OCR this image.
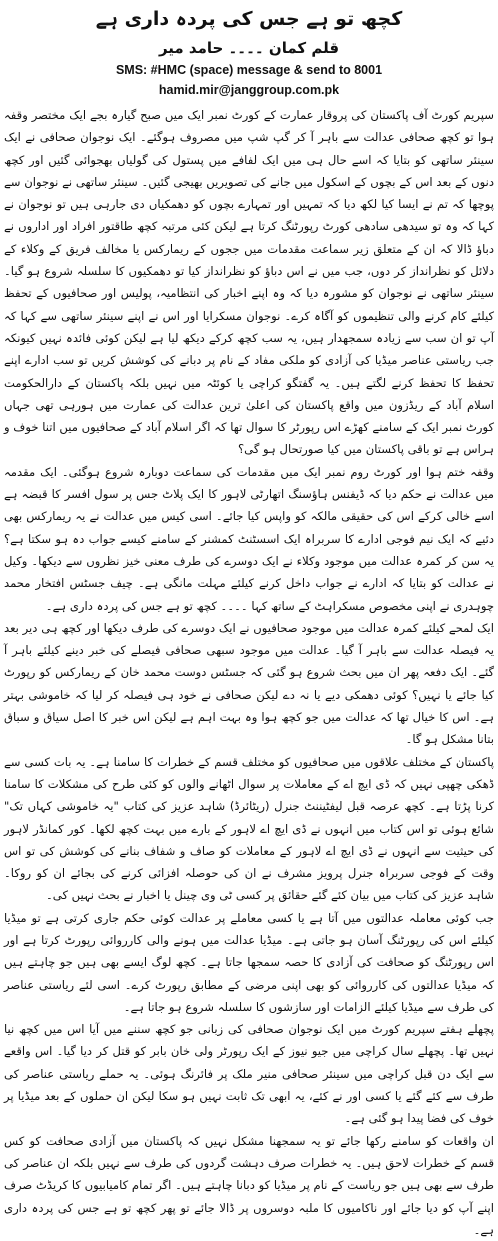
کچھ تو ہے جس کی پردہ داری ہے
قلم کمان ۔۔۔۔ حامد میر
SMS: #HMC (space) message & send to 8001
hamid.mir@janggroup.com.pk

سپریم کورٹ آف پاکستان کی پروقار عمارت کے کورٹ نمبر ایک میں صبح گیارہ بجے ایک مختصر وقفہ ہوا تو کچھ صحافی عدالت سے باہر آ کر گپ شپ میں مصروف ہوگئے۔ ایک نوجوان صحافی نے ایک سینئر ساتھی کو بتایا کہ اسے حال ہی میں ایک لفافے میں پستول کی گولیاں بھجوائی گئیں اور کچھ دنوں کے بعد اس کے بچوں کے اسکول میں جانے کی تصویریں بھیجی گئیں۔ سینئر ساتھی نے نوجوان سے پوچھا کہ تم نے ایسا کیا لکھ دیا کہ تمہیں اور تمہارے بچوں کو دھمکیاں دی جارہی ہیں تو نوجوان نے کہا کہ وہ تو سیدھی سادھی کورٹ رپورٹنگ کرتا ہے لیکن کئی مرتبہ کچھ طاقتور افراد اور اداروں نے دباؤ ڈالا کہ ان کے متعلق زیر سماعت مقدمات میں ججوں کے ریمارکس یا مخالف فریق کے وکلاء کے دلائل کو نظرانداز کر دوں، جب میں نے اس دباؤ کو نظرانداز کیا تو دھمکیوں کا سلسلہ شروع ہو گیا۔ سینئر ساتھی نے نوجوان کو مشورہ دیا کہ وہ اپنے اخبار کی انتظامیہ، پولیس اور صحافیوں کے تحفظ کیلئے کام کرنے والی تنظیموں کو آگاہ کرے۔ نوجوان مسکرایا اور اس نے اپنے سینئر ساتھی سے کہا کہ آپ تو ان سب سے زیادہ سمجھدار ہیں، یہ سب کچھ کرکے دیکھ لیا ہے لیکن کوئی فائدہ نہیں کیونکہ جب ریاستی عناصر میڈیا کی آزادی کو ملکی مفاد کے نام پر دبانے کی کوشش کریں تو سب ادارے اپنے تحفظ کا تحفظ کرنے لگتے ہیں۔ یہ گفتگو کراچی یا کوئٹہ میں نہیں بلکہ پاکستان کے دارالحکومت اسلام آباد کے ریڈزون میں واقع پاکستان کی اعلیٰ ترین عدالت کی عمارت میں ہورہی تھی جہاں کورٹ نمبر ایک کے سامنے کھڑے اس رپورٹر کا سوال تھا کہ اگر اسلام آباد کے صحافیوں میں اتنا خوف و ہراس ہے تو باقی پاکستان میں کیا صورتحال ہو گی؟

وقفہ ختم ہوا اور کورٹ روم نمبر ایک میں مقدمات کی سماعت دوبارہ شروع ہوگئی۔ ایک مقدمہ میں عدالت نے حکم دیا کہ ڈیفنس ہاؤسنگ اتھارٹی لاہور کا ایک پلاٹ جس پر سول افسر کا قبضہ ہے اسے خالی کرکے اس کی حقیقی مالکہ کو واپس کیا جائے۔ اسی کیس میں عدالت نے یہ ریمارکس بھی دئیے کہ ایک نیم فوجی ادارے کا سربراہ ایک اسسٹنٹ کمشنر کے سامنے کیسے جواب دہ ہو سکتا ہے؟ یہ سن کر کمرہ عدالت میں موجود وکلاء نے ایک دوسرے کی طرف معنی خیز نظروں سے دیکھا۔ وکیل نے عدالت کو بتایا کہ ادارے نے جواب داخل کرنے کیلئے مہلت مانگی ہے۔ چیف جسٹس افتخار محمد چوہدری نے اپنی مخصوص مسکراہٹ کے ساتھ کہا ۔۔۔۔ کچھ تو ہے جس کی پردہ داری ہے۔

ایک لمحے کیلئے کمرہ عدالت میں موجود صحافیوں نے ایک دوسرے کی طرف دیکھا اور کچھ ہی دیر بعد یہ فیصلہ عدالت سے باہر آ گیا۔ عدالت میں موجود سبھی صحافی فیصلے کی خبر دینے کیلئے باہر آ گئے۔ ایک دفعہ پھر ان میں بحث شروع ہو گئی کہ جسٹس دوست محمد خان کے ریمارکس کو رپورٹ کیا جائے یا نہیں؟ کوئی دھمکی دیے یا نہ دے لیکن صحافی نے خود ہی فیصلہ کر لیا کہ خاموشی بہتر ہے۔ اس کا خیال تھا کہ عدالت میں جو کچھ ہوا وہ بہت اہم ہے لیکن اس خبر کا اصل سیاق و سباق بتانا مشکل ہو گا۔

پاکستان کے مختلف علاقوں میں صحافیوں کو مختلف قسم کے خطرات کا سامنا ہے۔ یہ بات کسی سے ڈھکی چھپی نہیں کہ ڈی ایچ اے کے معاملات پر سوال اٹھانے والوں کو کئی طرح کی مشکلات کا سامنا کرنا پڑتا ہے۔ کچھ عرصہ قبل لیفٹیننٹ جنرل (ریٹائرڈ) شاہد عزیز کی کتاب "یہ خاموشی کہاں تک" شائع ہوئی تو اس کتاب میں انہوں نے ڈی ایچ اے لاہور کے بارے میں بہت کچھ لکھا۔ کور کمانڈر لاہور کی حیثیت سے انہوں نے ڈی ایچ اے لاہور کے معاملات کو صاف و شفاف بنانے کی کوشش کی تو اس وقت کے فوجی سربراہ جنرل پرویز مشرف نے ان کی حوصلہ افزائی کرنے کی بجائے ان کو روکا۔ شاہد عزیز کی کتاب میں بیان کئے گئے حقائق پر کسی ٹی وی چینل یا اخبار نے بحث نہیں کی۔

جب کوئی معاملہ عدالتوں میں آتا ہے یا کسی معاملے پر عدالت کوئی حکم جاری کرتی ہے تو میڈیا کیلئے اس کی رپورٹنگ آسان ہو جاتی ہے۔ میڈیا عدالت میں ہونے والی کارروائی رپورٹ کرتا ہے اور اس رپورٹنگ کو صحافت کی آزادی کا حصہ سمجھا جاتا ہے۔ کچھ لوگ ایسے بھی ہیں جو چاہتے ہیں کہ میڈیا عدالتوں کی کارروائی کو بھی اپنی مرضی کے مطابق رپورٹ کرے۔ اسی لئے ریاستی عناصر کی طرف سے میڈیا کیلئے الزامات اور سازشوں کا سلسلہ شروع ہو جاتا ہے۔

پچھلے ہفتے سپریم کورٹ میں ایک نوجوان صحافی کی زبانی جو کچھ سننے میں آیا اس میں کچھ نیا نہیں تھا۔ پچھلے سال کراچی میں جیو نیوز کے ایک رپورٹر ولی خان بابر کو قتل کر دیا گیا۔ اس واقعے سے ایک دن قبل کراچی میں سینئر صحافی منیر ملک پر فائرنگ ہوئی۔ یہ حملے ریاستی عناصر کی طرف سے کئے گئے یا کسی اور نے کئے، یہ ابھی تک ثابت نہیں ہو سکا لیکن ان حملوں کے بعد میڈیا پر خوف کی فضا پیدا ہو گئی ہے۔

ان واقعات کو سامنے رکھا جائے تو یہ سمجھنا مشکل نہیں کہ پاکستان میں آزادی صحافت کو کس قسم کے خطرات لاحق ہیں۔ یہ خطرات صرف دہشت گردوں کی طرف سے نہیں بلکہ ان عناصر کی طرف سے بھی ہیں جو ریاست کے نام پر میڈیا کو دبانا چاہتے ہیں۔ اگر تمام کامیابیوں کا کریڈٹ صرف اپنے آپ کو دیا جائے اور ناکامیوں کا ملبہ دوسروں پر ڈالا جائے تو پھر کچھ تو ہے جس کی پردہ داری ہے۔
